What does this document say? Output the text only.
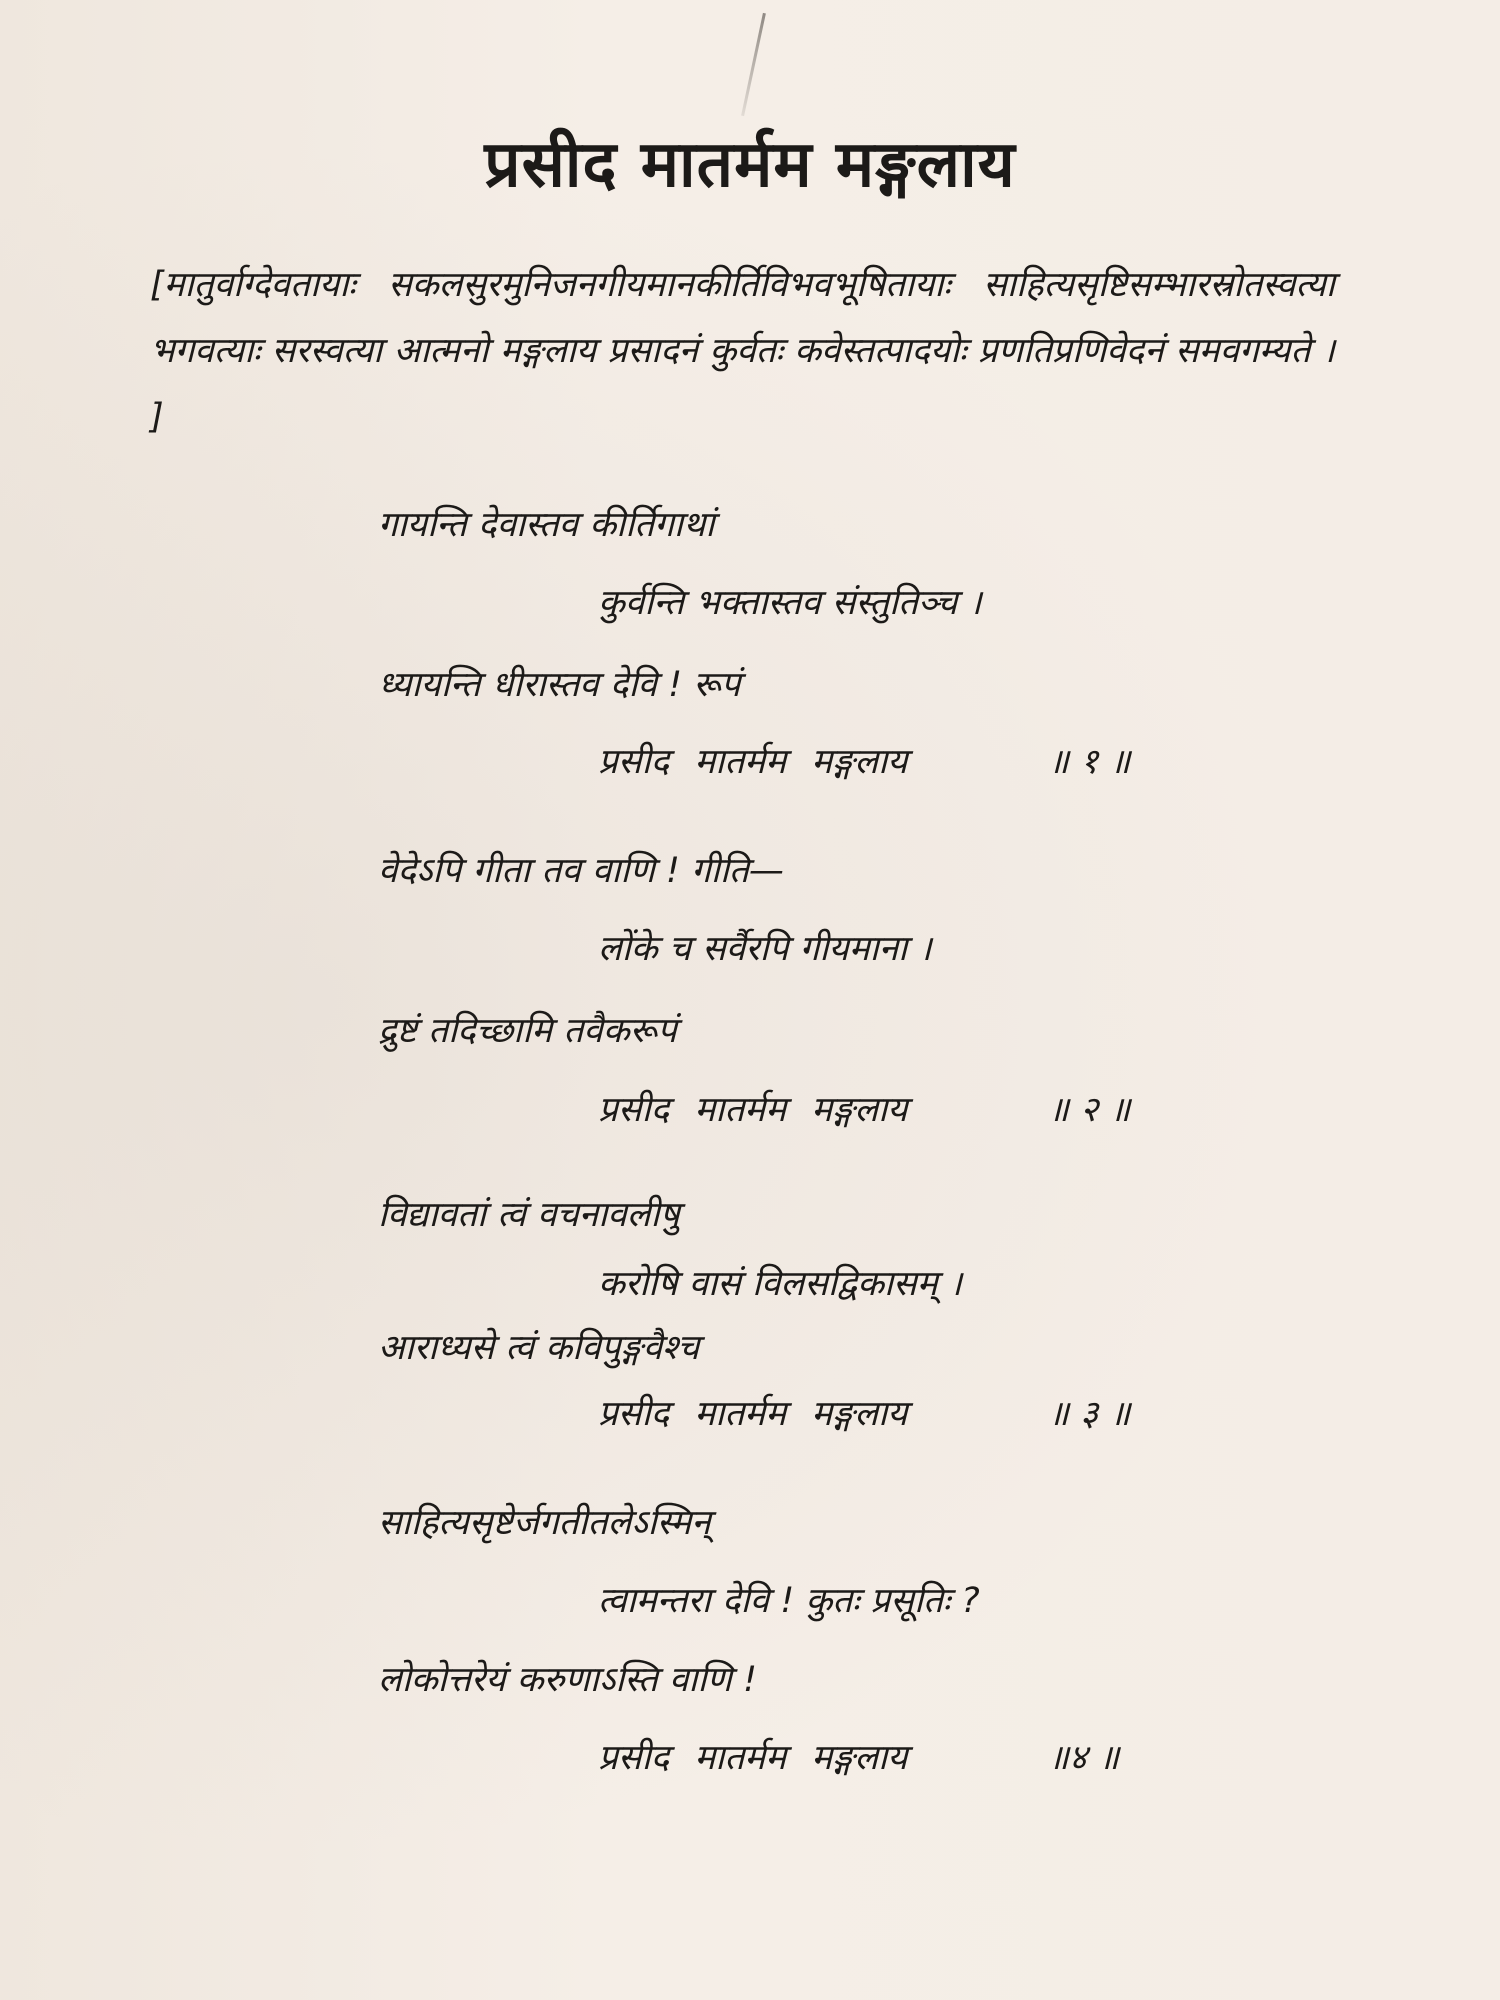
प्रसीद मातर्मम मङ्गलाय
[मातुर्वाग्देवतायाः सकलसुरमुनिजनगीयमानकीर्तिविभवभूषितायाः साहित्यसृष्टिसम्भारस्रोतस्वत्या भगवत्याः सरस्वत्या आत्मनो मङ्गलाय प्रसादनं कुर्वतः कवेस्तत्पादयोः प्रणतिप्रणिवेदनं समवगम्यते । ]
गायन्ति देवास्तव कीर्तिगाथां
कुर्वन्ति भक्तास्तव संस्तुतिञ्च ।
ध्यायन्ति धीरास्तव देवि ! रूपं
प्रसीद मातर्मम मङ्गलाय	॥ १ ॥
वेदेऽपि गीता तव वाणि ! गीति—
लोंके च सर्वैरपि गीयमाना ।
द्रुष्टं तदिच्छामि तवैकरूपं
प्रसीद मातर्मम मङ्गलाय	॥ २ ॥
विद्यावतां त्वं वचनावलीषु
करोषि वासं विलसद्विकासम् ।
आराध्यसे त्वं कविपुङ्गवैश्च
प्रसीद मातर्मम मङ्गलाय	॥ ३ ॥
साहित्यसृष्टेर्जगतीतलेऽस्मिन्
त्वामन्तरा देवि ! कुतः प्रसूतिः ?
लोकोत्तरेयं करुणाऽस्ति वाणि !
प्रसीद मातर्मम मङ्गलाय	॥४ ॥
